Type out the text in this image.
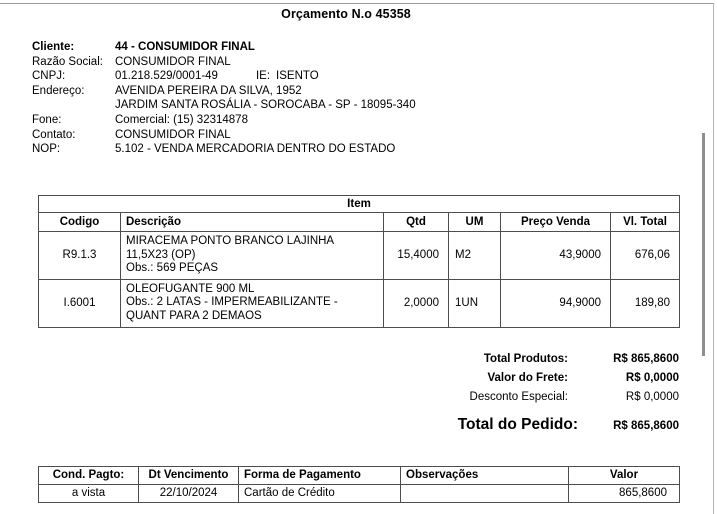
Orçamento N.o 45358
Cliente:	44 - CONSUMIDOR FINAL
Razão Social:	CONSUMIDOR FINAL
CNPJ:	01.218.529/0001-49	IE: ISENTO
Endereço:	AVENIDA PEREIRA DA SILVA, 1952
JARDIM SANTA ROSÁLIA - SOROCABA - SP - 18095-340
Fone:	Comercial: (15) 32314878
Contato:	CONSUMIDOR FINAL
NOP:	5.102 - VENDA MERCADORIA DENTRO DO ESTADO
Item					
Codigo	Descrição	Qtd	UM	Preço Venda	Vl. Total
R9.1.3	MIRACEMA PONTO BRANCO LAJINHA
11,5X23 (OP)
Obs.: 569 PEÇAS	15,4000	M2	43,9000	676,06
I.6001	OLEOFUGANTE 900 ML
Obs.: 2 LATAS - IMPERMEABILIZANTE -
QUANT PARA 2 DEMAOS	2,0000	1UN	94,9000	189,80
Total Produtos:	R$ 865,8600
Valor do Frete:	R$ 0,0000
Desconto Especial:	R$ 0,0000
Total do Pedido:	R$ 865,8600
Cond. Pagto:	Dt Vencimento	Forma de Pagamento	Observações	Valor
a vista	22/10/2024	Cartão de Crédito		865,8600
